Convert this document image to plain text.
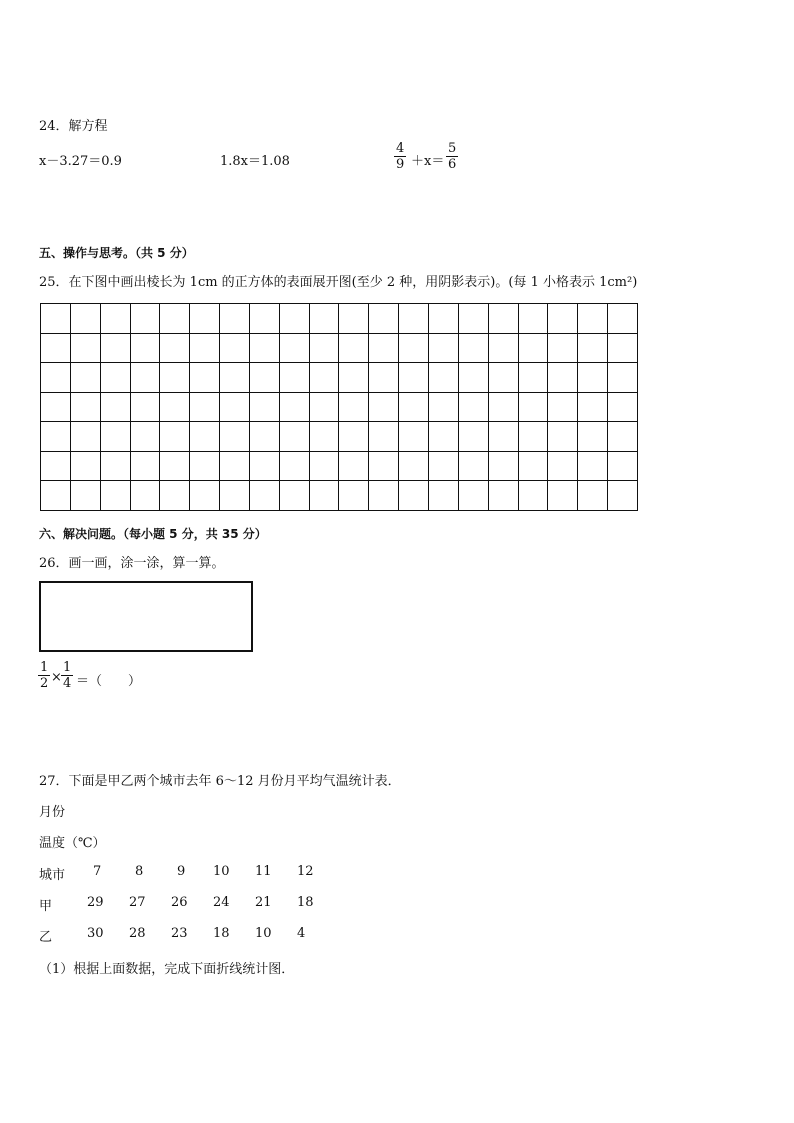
24．解方程
x－3.27＝0.9	1.8x＝1.08	$\frac{4}{9} +x= \frac{5}{6}$
五、操作与思考。（共 5 分）
25．在下图中画出棱长为 1cm 的正方体的表面展开图(至少 2 种，用阴影表示)。(每 1 小格表示 1cm²)

六、解决问题。（每小题 5 分，共 35 分）
26．画一画，涂一涂，算一算。
$\frac{1}{2} \times \frac{1}{4}$ ＝（　　）
27．下面是甲乙两个城市去年 6～12 月份月平均气温统计表．
月份
温度（℃）
城市 7	8	9 10 11 12
甲	29 27 26 24 21 18
乙	30 28 23 18 10 4
（1）根据上面数据，完成下面折线统计图．
